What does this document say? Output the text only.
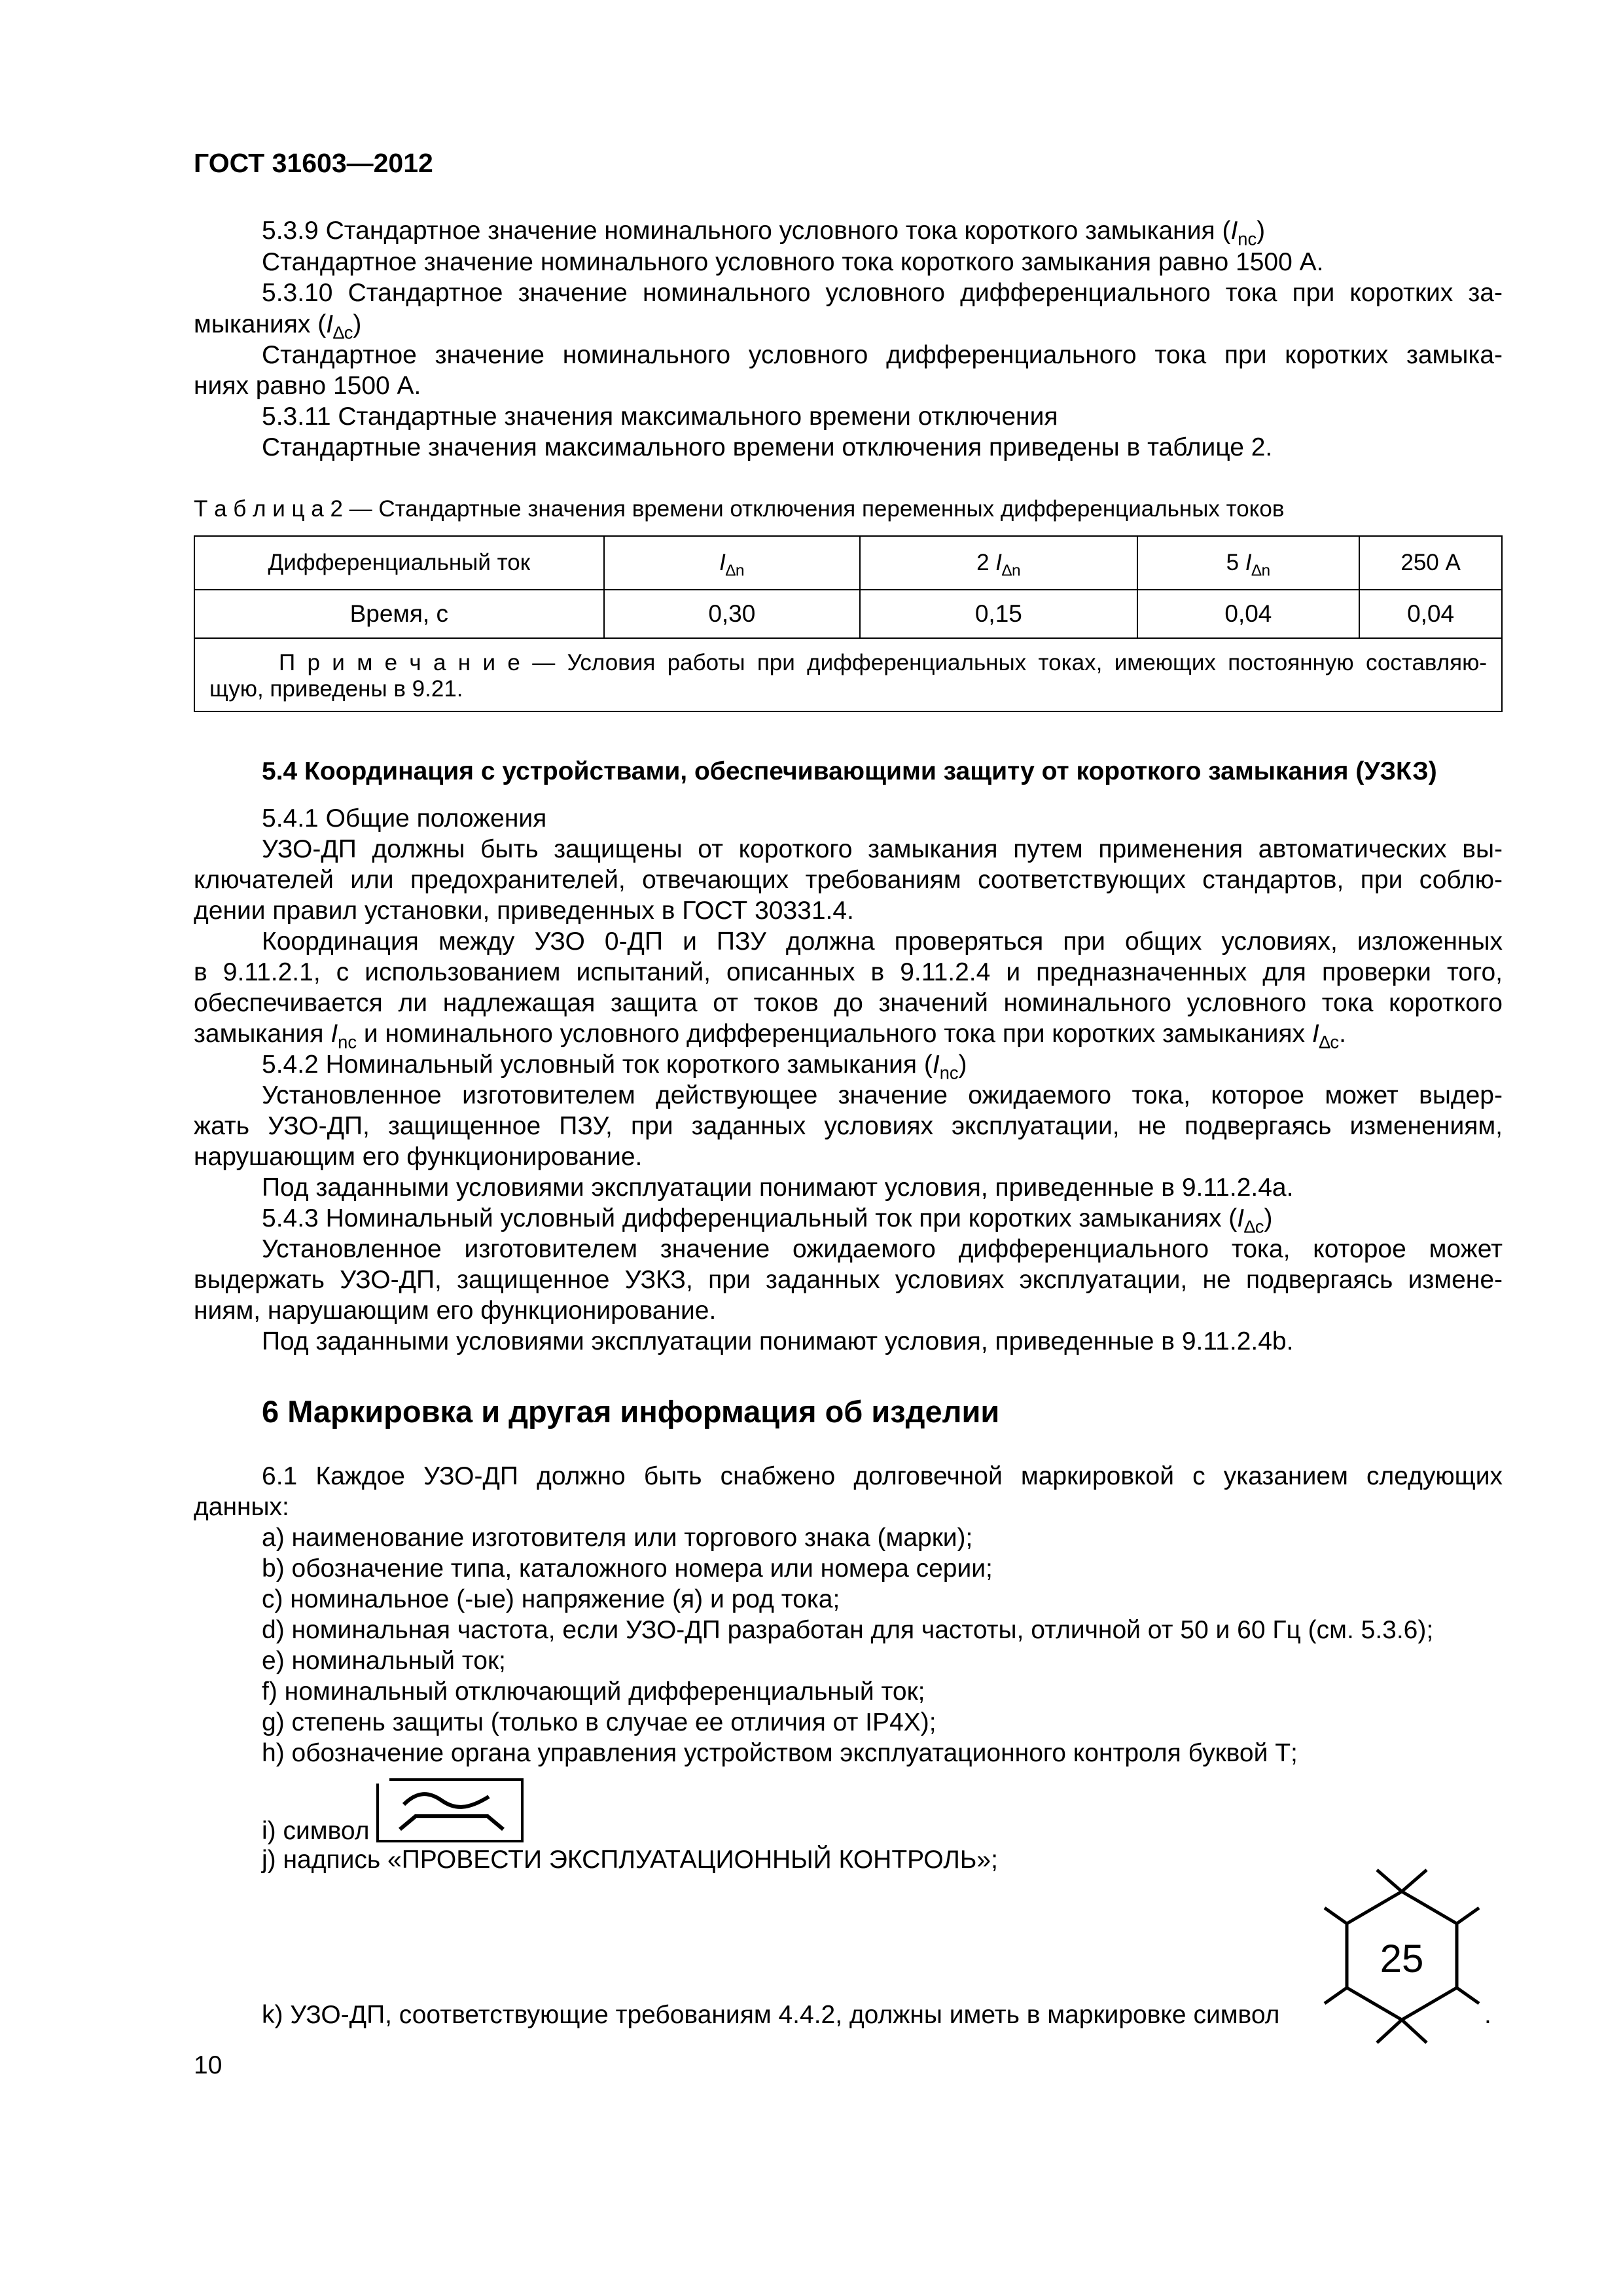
ГОСТ 31603—2012
5.3.9 Стандартное значение номинального условного тока короткого замыкания $(I_{nc})$
Стандартное значение номинального условного тока короткого замыкания равно 1500 А.
5.3.10 Стандартное значение номинального условного дифференциального тока при коротких за-
мыканиях $(I_{\Delta c})$
Стандартное значение номинального условного дифференциального тока при коротких замыка-
ниях равно 1500 А.
5.3.11 Стандартные значения максимального времени отключения
Стандартные значения максимального времени отключения приведены в таблице 2.
Т а б л и ц а 2 — Стандартные значения времени отключения переменных дифференциальных токов
Дифференциальный ток	$I_{\Delta n}$	2 $I_{\Delta n}$	5 $I_{\Delta n}$	250 А
Время, с	0,30	0,15	0,04	0,04

П р и м е ч а н и е — Условия работы при дифференциальных токах, имеющих постоянную составляю-
щую, приведены в 9.21.				
5.4 Координация с устройствами, обеспечивающими защиту от короткого замыкания (УЗКЗ)
5.4.1 Общие положения
УЗО-ДП должны быть защищены от короткого замыкания путем применения автоматических вы-
ключателей или предохранителей, отвечающих требованиям соответствующих стандартов, при соблю-
дении правил установки, приведенных в ГОСТ 30331.4.
Координация между УЗО 0-ДП и ПЗУ должна проверяться при общих условиях, изложенных
в 9.11.2.1, с использованием испытаний, описанных в 9.11.2.4 и предназначенных для проверки того,
обеспечивается ли надлежащая защита от токов до значений номинального условного тока короткого
замыкания $I_{nc}$ и номинального условного дифференциального тока при коротких замыканиях $I_{\Delta c}$.
5.4.2 Номинальный условный ток короткого замыкания $(I_{nc})$
Установленное изготовителем действующее значение ожидаемого тока, которое может выдер-
жать УЗО-ДП, защищенное ПЗУ, при заданных условиях эксплуатации, не подвергаясь изменениям,
нарушающим его функционирование.
Под заданными условиями эксплуатации понимают условия, приведенные в 9.11.2.4а.
5.4.3 Номинальный условный дифференциальный ток при коротких замыканиях $(I_{\Delta c})$
Установленное изготовителем значение ожидаемого дифференциального тока, которое может
выдержать УЗО-ДП, защищенное УЗКЗ, при заданных условиях эксплуатации, не подвергаясь измене-
ниям, нарушающим его функционирование.
Под заданными условиями эксплуатации понимают условия, приведенные в 9.11.2.4b.
6 Маркировка и другая информация об изделии
6.1 Каждое УЗО-ДП должно быть снабжено долговечной маркировкой с указанием следующих
данных:
a) наименование изготовителя или торгового знака (марки);
b) обозначение типа, каталожного номера или номера серии;
c) номинальное (-ые) напряжение (я) и род тока;
d) номинальная частота, если УЗО-ДП разработан для частоты, отличной от 50 и 60 Гц (см. 5.3.6);
e) номинальный ток;
f) номинальный отключающий дифференциальный ток;
g) степень защиты (только в случае ее отличия от IP4X);
h) обозначение органа управления устройством эксплуатационного контроля буквой Т;
i) символ
j) надпись «ПРОВЕСТИ ЭКСПЛУАТАЦИОННЫЙ КОНТРОЛЬ»;
k) УЗО-ДП, соответствующие требованиям 4.4.2, должны иметь в маркировке символ	.
25
10
